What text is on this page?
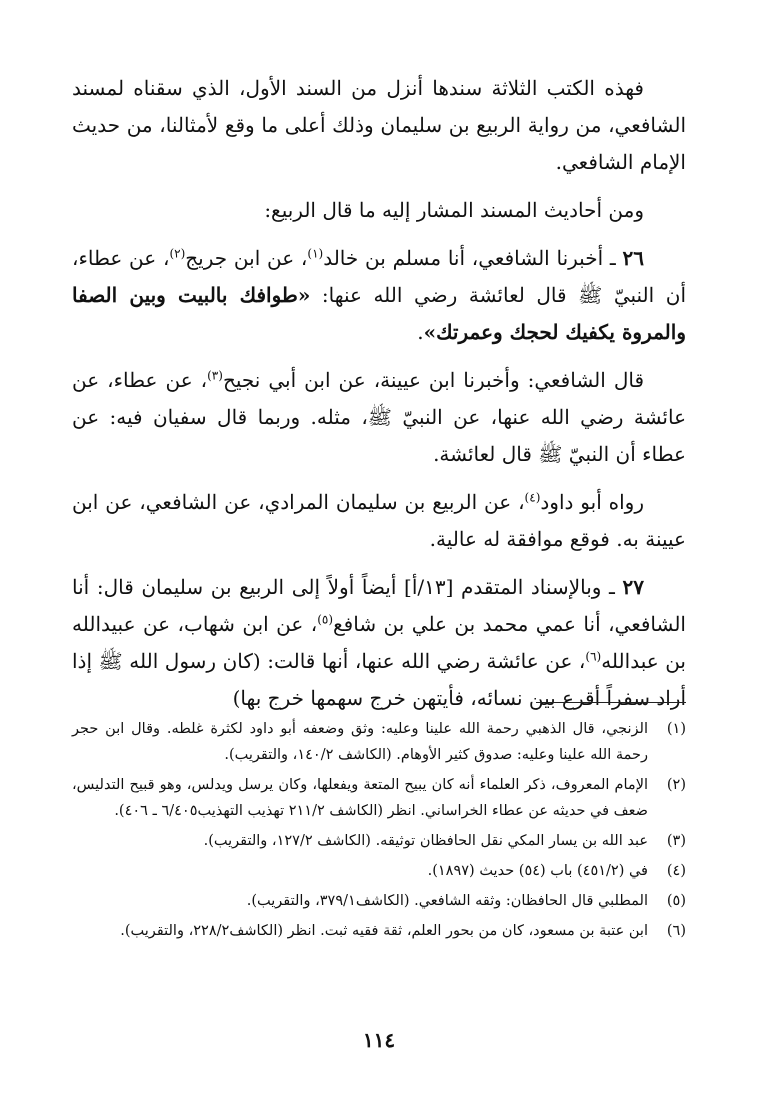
فهذه الكتب الثلاثة سندها أنزل من السند الأول، الذي سقناه لمسند الشافعي، من رواية الربيع بن سليمان وذلك أعلى ما وقع لأمثالنا، من حديث الإمام الشافعي.

ومن أحاديث المسند المشار إليه ما قال الربيع:

٢٦ ـ أخبرنا الشافعي، أنا مسلم بن خالد$^{(١)}$، عن ابن جريج$^{(٢)}$، عن عطاء، أن النبيّ ﷺ قال لعائشة رضي الله عنها: «طوافك بالبيت وبين الصفا والمروة يكفيك لحجك وعمرتك».

قال الشافعي: وأخبرنا ابن عيينة، عن ابن أبي نجيح$^{(٣)}$، عن عطاء، عن عائشة رضي الله عنها، عن النبيّ ﷺ، مثله. وربما قال سفيان فيه: عن عطاء أن النبيّ ﷺ قال لعائشة.

رواه أبو داود$^{(٤)}$، عن الربيع بن سليمان المرادي، عن الشافعي، عن ابن عيينة به. فوقع موافقة له عالية.

٢٧ ـ وبالإسناد المتقدم [١٣/أ] أيضاً أولاً إلى الربيع بن سليمان قال: أنا الشافعي، أنا عمي محمد بن علي بن شافع$^{(٥)}$، عن ابن شهاب، عن عبيدالله بن عبدالله$^{(٦)}$، عن عائشة رضي الله عنها، أنها قالت: (كان رسول الله ﷺ إذا أراد سفراً أقرع بين نسائه، فأيتهن خرج سهمها خرج بها)

(١)
الزنجي، قال الذهبي رحمة الله علينا وعليه: وثق وضعفه أبو داود لكثرة غلطه. وقال ابن حجر رحمة الله علينا وعليه: صدوق كثير الأوهام. (الكاشف ١٤٠/٢، والتقريب).
(٢)
الإمام المعروف، ذكر العلماء أنه كان يبيح المتعة ويفعلها، وكان يرسل ويدلس، وهو قبيح التدليس، ضعف في حديثه عن عطاء الخراساني. انظر (الكاشف ٢١١/٢ تهذيب التهذيب٦/٤٠٥ ـ ٤٠٦).
(٣)
عبد الله بن يسار المكي نقل الحافظان توثيقه. (الكاشف ١٢٧/٢، والتقريب).
(٤)
في (٤٥١/٢) باب (٥٤) حديث (١٨٩٧).
(٥)
المطلبي قال الحافظان: وثقه الشافعي. (الكاشف٣٧٩/١، والتقريب).
(٦)
ابن عتبة بن مسعود، كان من بحور العلم، ثقة فقيه ثبت. انظر (الكاشف٢٢٨/٢، والتقريب).
١١٤
